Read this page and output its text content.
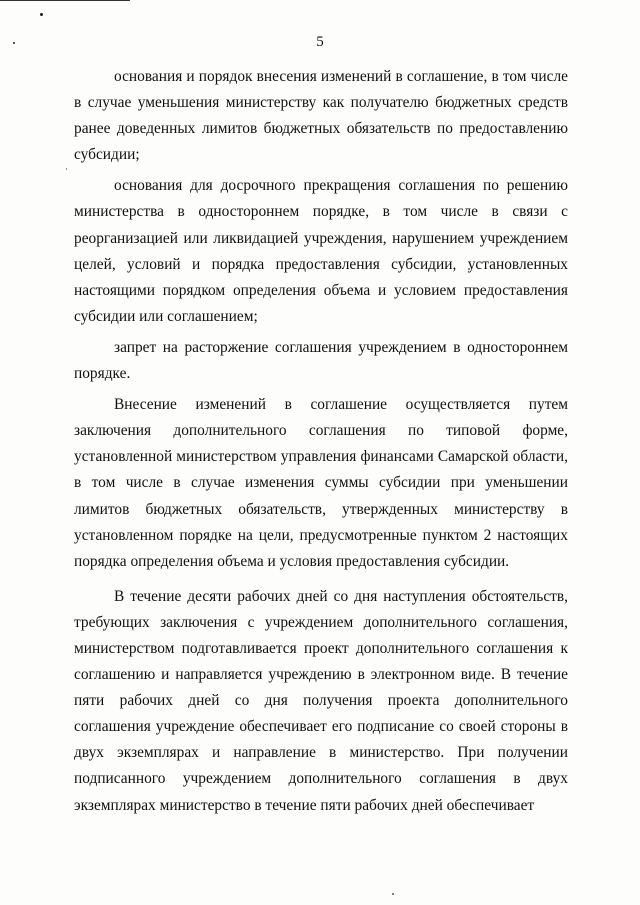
5

основания и порядок внесения изменений в соглашение, в том числе в случае уменьшения министерству как получателю бюджетных средств ранее доведенных лимитов бюджетных обязательств по предоставлению субсидии;

основания для досрочного прекращения соглашения по решению министерства в одностороннем порядке, в том числе в связи с реорганизацией или ликвидацией учреждения, нарушением учреждением целей, условий и порядка предоставления субсидии, установленных настоящими порядком определения объема и условием предоставления субсидии или соглашением;

запрет на расторжение соглашения учреждением в одностороннем порядке.

Внесение изменений в соглашение осуществляется путем заключения дополнительного соглашения по типовой форме, установленной министерством управления финансами Самарской области, в том числе в случае изменения суммы субсидии при уменьшении лимитов бюджетных обязательств, утвержденных министерству в установленном порядке на цели, предусмотренные пунктом 2 настоящих порядка определения объема и условия предоставления субсидии.

В течение десяти рабочих дней со дня наступления обстоятельств, требующих заключения с учреждением дополнительного соглашения, министерством подготавливается проект дополнительного соглашения к соглашению и направляется учреждению в электронном виде. В течение пяти рабочих дней со дня получения проекта дополнительного соглашения учреждение обеспечивает его подписание со своей стороны в двух экземплярах и направление в министерство. При получении подписанного учреждением дополнительного соглашения в двух экземплярах министерство в течение пяти рабочих дней обеспечивает
